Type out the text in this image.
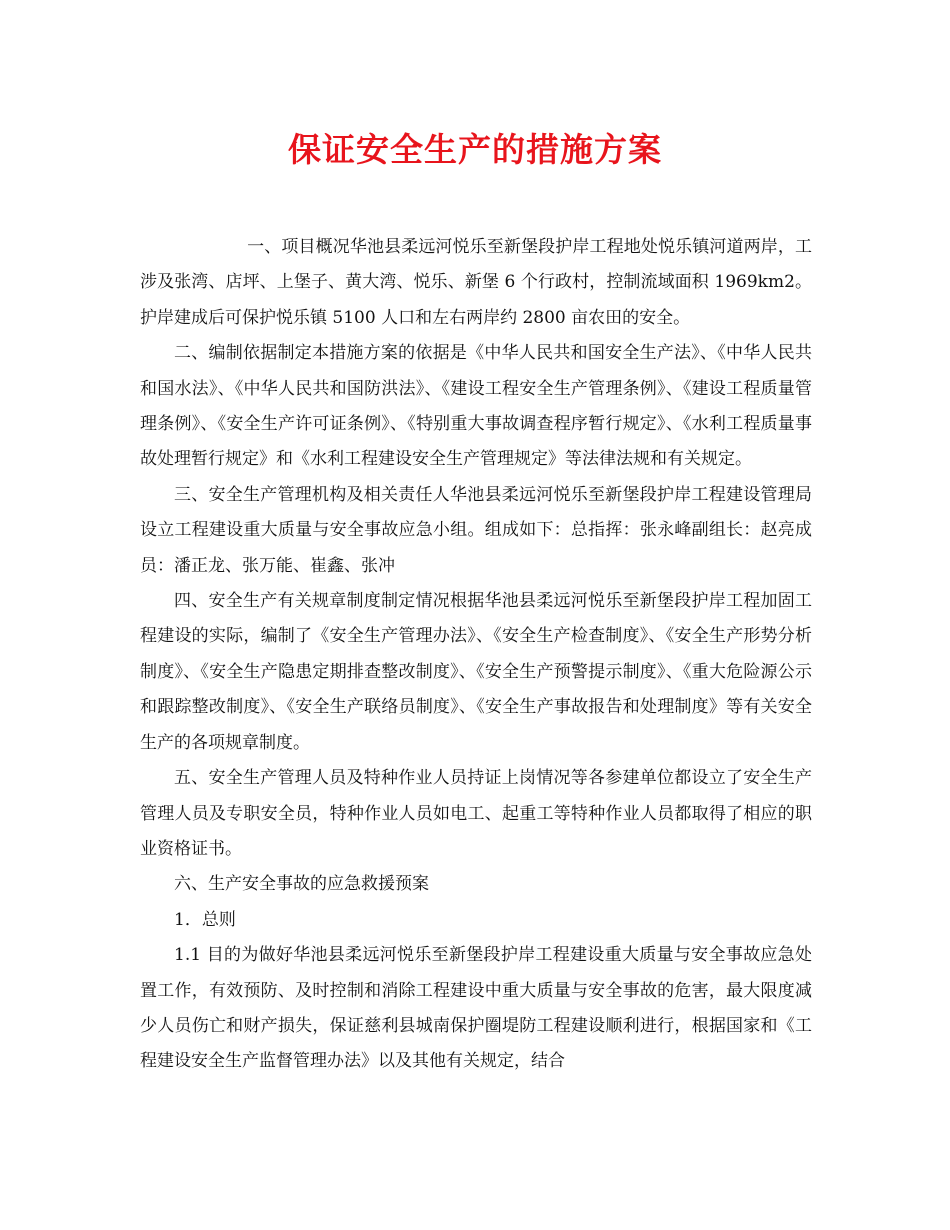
保证安全生产的措施方案

一、项目概况华池县柔远河悦乐至新堡段护岸工程地处悦乐镇河道两岸，工涉及张湾、店坪、上堡子、黄大湾、悦乐、新堡 6 个行政村，控制流域面积 1969km2。护岸建成后可保护悦乐镇 5100 人口和左右两岸约 2800 亩农田的安全。

二、编制依据制定本措施方案的依据是《中华人民共和国安全生产法》、《中华人民共和国水法》、《中华人民共和国防洪法》、《建设工程安全生产管理条例》、《建设工程质量管理条例》、《安全生产许可证条例》、《特别重大事故调查程序暂行规定》、《水利工程质量事故处理暂行规定》和《水利工程建设安全生产管理规定》等法律法规和有关规定。

三、安全生产管理机构及相关责任人华池县柔远河悦乐至新堡段护岸工程建设管理局设立工程建设重大质量与安全事故应急小组。组成如下：总指挥：张永峰副组长：赵亮成员：潘正龙、张万能、崔鑫、张冲

四、安全生产有关规章制度制定情况根据华池县柔远河悦乐至新堡段护岸工程加固工程建设的实际，编制了《安全生产管理办法》、《安全生产检查制度》、《安全生产形势分析制度》、《安全生产隐患定期排查整改制度》、《安全生产预警提示制度》、《重大危险源公示和跟踪整改制度》、《安全生产联络员制度》、《安全生产事故报告和处理制度》等有关安全生产的各项规章制度。

五、安全生产管理人员及特种作业人员持证上岗情况等各参建单位都设立了安全生产管理人员及专职安全员，特种作业人员如电工、起重工等特种作业人员都取得了相应的职业资格证书。

六、生产安全事故的应急救援预案

1．总则

1.1 目的为做好华池县柔远河悦乐至新堡段护岸工程建设重大质量与安全事故应急处置工作，有效预防、及时控制和消除工程建设中重大质量与安全事故的危害，最大限度减少人员伤亡和财产损失，保证慈利县城南保护圈堤防工程建设顺利进行，根据国家和《工程建设安全生产监督管理办法》以及其他有关规定，结合
